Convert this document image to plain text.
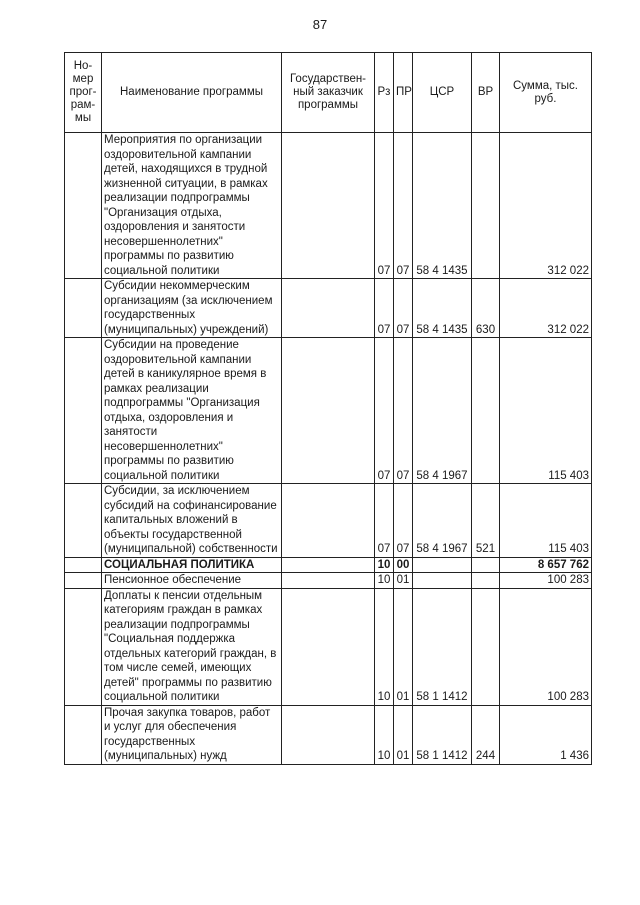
87
Но-мер прог-рам-мы	Наименование программы	Государствен-ный заказчик программы	Рз	ПР	ЦСР	ВР	Сумма, тыс. руб.
	Мероприятия по организации оздоровительной кампании детей, находящихся в трудной жизненной ситуации, в рамках реализации подпрограммы "Организация отдыха, оздоровления и занятости несовершеннолетних" программы по развитию социальной политики		07	07	58 4 1435		312 022
	Субсидии некоммерческим организациям (за исключением государственных (муниципальных) учреждений)		07	07	58 4 1435	630	312 022
	Субсидии на проведение оздоровительной кампании детей в каникулярное время в рамках реализации подпрограммы "Организация отдыха, оздоровления и занятости несовершеннолетних" программы по развитию социальной политики		07	07	58 4 1967		115 403
	Субсидии, за исключением субсидий на софинансирование капитальных вложений в объекты государственной (муниципальной) собственности		07	07	58 4 1967	521	115 403
	СОЦИАЛЬНАЯ ПОЛИТИКА		10	00			8 657 762
	Пенсионное обеспечение		10	01			100 283
	Доплаты к пенсии отдельным категориям граждан в рамках реализации подпрограммы "Социальная поддержка отдельных категорий граждан, в том числе семей, имеющих детей" программы по развитию социальной политики		10	01	58 1 1412		100 283
	Прочая закупка товаров, работ и услуг для обеспечения государственных (муниципальных) нужд		10	01	58 1 1412	244	1 436
